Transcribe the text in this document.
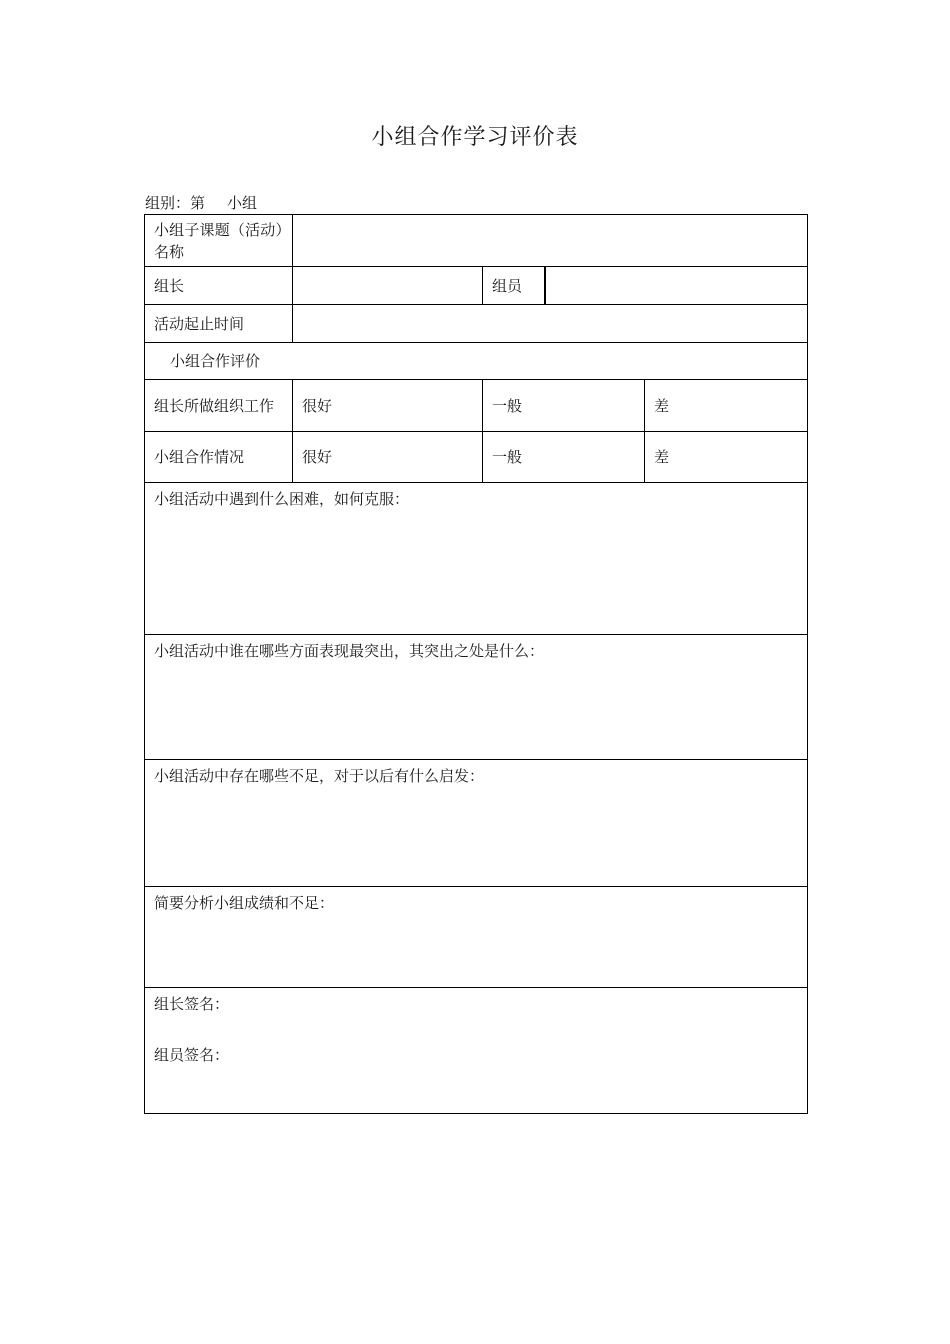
小组合作学习评价表
组别：第 小组
小组子课题（活动）名称				
组长		组员		
活动起止时间				
小组合作评价				
组长所做组织工作	很好	一般		差
小组合作情况	很好	一般		差
小组活动中遇到什么困难，如何克服：				
小组活动中谁在哪些方面表现最突出，其突出之处是什么：				
小组活动中存在哪些不足，对于以后有什么启发：				
简要分析小组成绩和不足：				

组长签名：
组员签名：				
